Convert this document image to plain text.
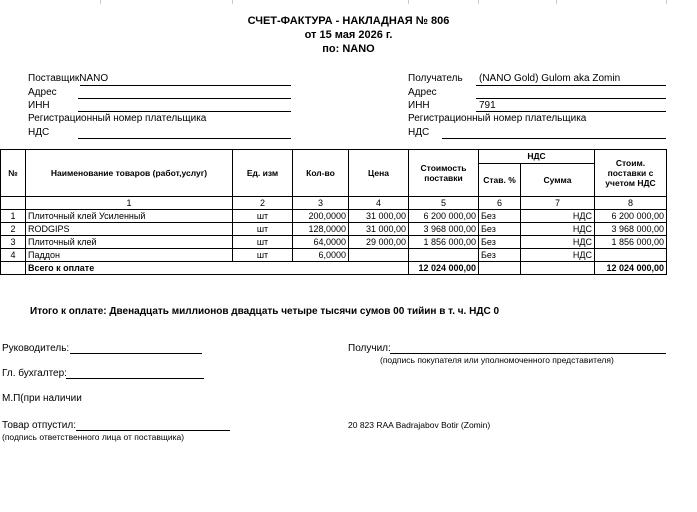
СЧЕТ-ФАКТУРА - НАКЛАДНАЯ № 806
от 15 мая 2026 г.
по: NANO
ПоставщикNANO
Адрес
ИНН
Регистрационный номер плательщика
НДС
Получатель (NANO Gold) Gulom aka Zomin
Адрес
ИНН	791
Регистрационный номер плательщика
НДС
№	Наименование товаров (работ,услуг)	Ед. изм	Кол-во	Цена	Стоимость поставки	НДС		Стоим. поставки с учетом НДС
						Став. %	Сумма	
	1	2	3	4	5	6	7	8
1	Плиточный клей Усиленный	шт	200,0000	31 000,00	6 200 000,00	Без	НДС	6 200 000,00
2	RODGIPS	шт	128,0000	31 000,00	3 968 000,00	Без	НДС	3 968 000,00
3	Плиточный клей	шт	64,0000	29 000,00	1 856 000,00	Без	НДС	1 856 000,00
4	Паддон	шт	6,0000			Без	НДС	
	Всего к оплате				12 024 000,00			12 024 000,00
Итого к оплате: Двенадцать миллионов двадцать четыре тысячи сумов 00 тийин в т. ч. НДС 0
Руководитель:
Гл. бухгалтер:
М.П(при наличии
Товар отпустил:
(подпись ответственного лица от поставщика)
Получил:
(подпись покупателя или уполномоченного представителя)
20 823 RAA Badrajabov Botir (Zomin)
